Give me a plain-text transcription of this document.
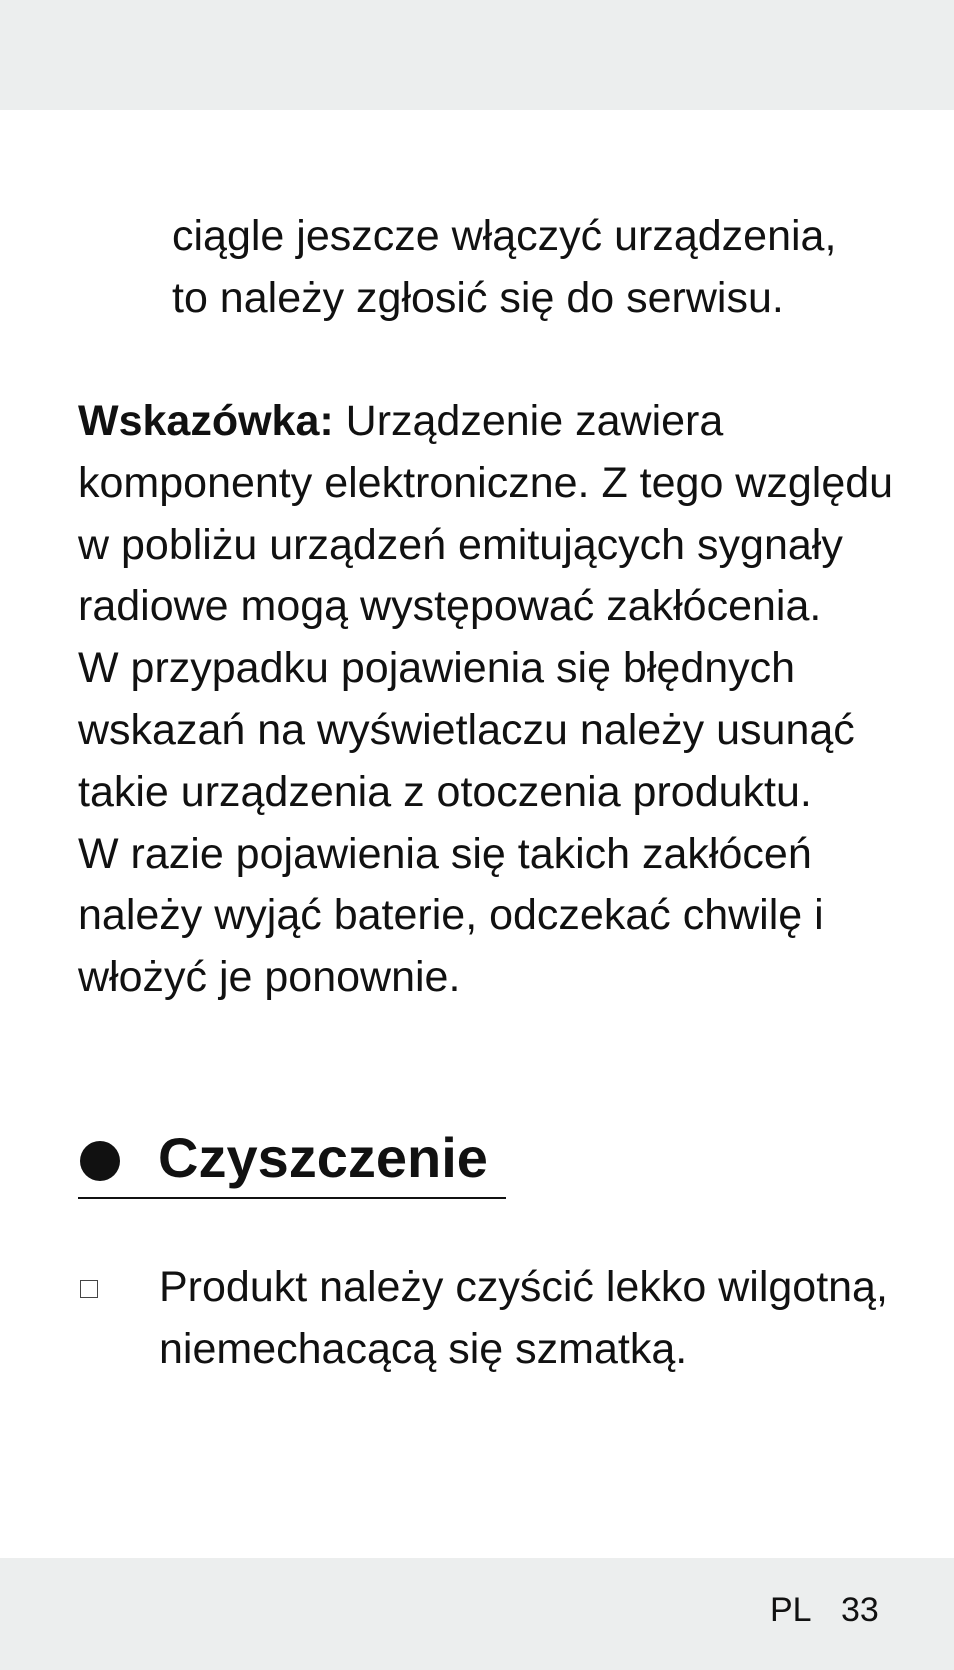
ciągle jeszcze włączyć urządzenia,
to należy zgłosić się do serwisu.

Wskazówka: Urządzenie zawiera
komponenty elektroniczne. Z tego względu
w pobliżu urządzeń emitujących sygnały
radiowe mogą występować zakłócenia.
W przypadku pojawienia się błędnych
wskazań na wyświetlaczu należy usunąć
takie urządzenia z otoczenia produktu.
W razie pojawienia się takich zakłóceń
należy wyjąć baterie, odczekać chwilę i
włożyć je ponownie.

Czyszczenie
Produkt należy czyścić lekko wilgotną,
niemechacącą się szmatką.
PL 33
